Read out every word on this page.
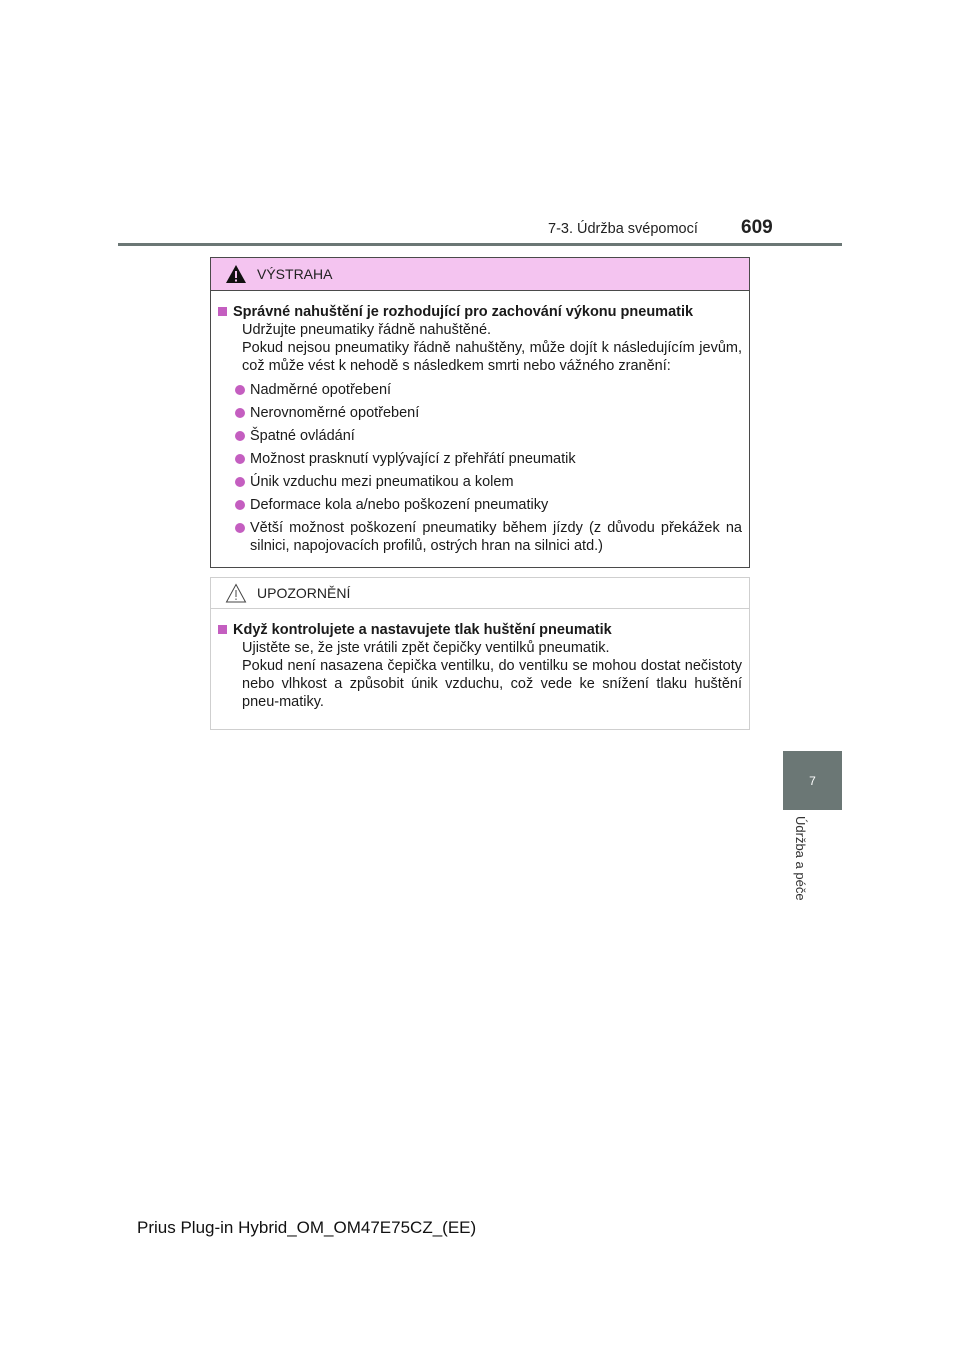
7-3. Údržba svépomocí 609
7
Údržba a péče
VÝSTRAHA
Správné nahuštění je rozhodující pro zachování výkonu pneumatik

Udržujte pneumatiky řádně nahuštěné.

Pokud nejsou pneumatiky řádně nahuštěny, může dojít k následujícím jevům, což může vést k nehodě s následkem smrti nebo vážného zranění:

Nadměrné opotřebení
Nerovnoměrné opotřebení
Špatné ovládání
Možnost prasknutí vyplývající z přehřátí pneumatik
Únik vzduchu mezi pneumatikou a kolem
Deformace kola a/nebo poškození pneumatiky
Větší možnost poškození pneumatiky během jízdy (z důvodu překážek na silnici, napojovacích profilů, ostrých hran na silnici atd.)
UPOZORNĚNÍ
Když kontrolujete a nastavujete tlak huštění pneumatik

Ujistěte se, že jste vrátili zpět čepičky ventilků pneumatik.

Pokud není nasazena čepička ventilku, do ventilku se mohou dostat nečistoty nebo vlhkost a způsobit únik vzduchu, což vede ke snížení tlaku huštění pneu-matiky.

Prius Plug-in Hybrid_OM_OM47E75CZ_(EE)
